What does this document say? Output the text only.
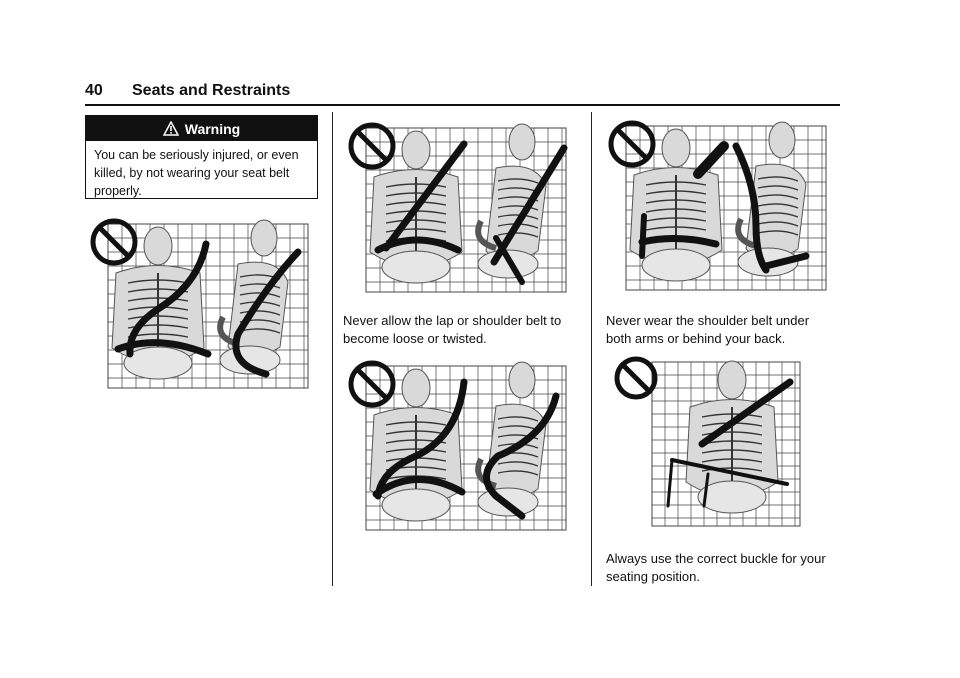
40 Seats and Restraints
Warning
You can be seriously injured, or even killed, by not wearing your seat belt properly.
Never allow the lap or shoulder belt to become loose or twisted.
Never wear the shoulder belt under both arms or behind your back.
Always use the correct buckle for your seating position.
